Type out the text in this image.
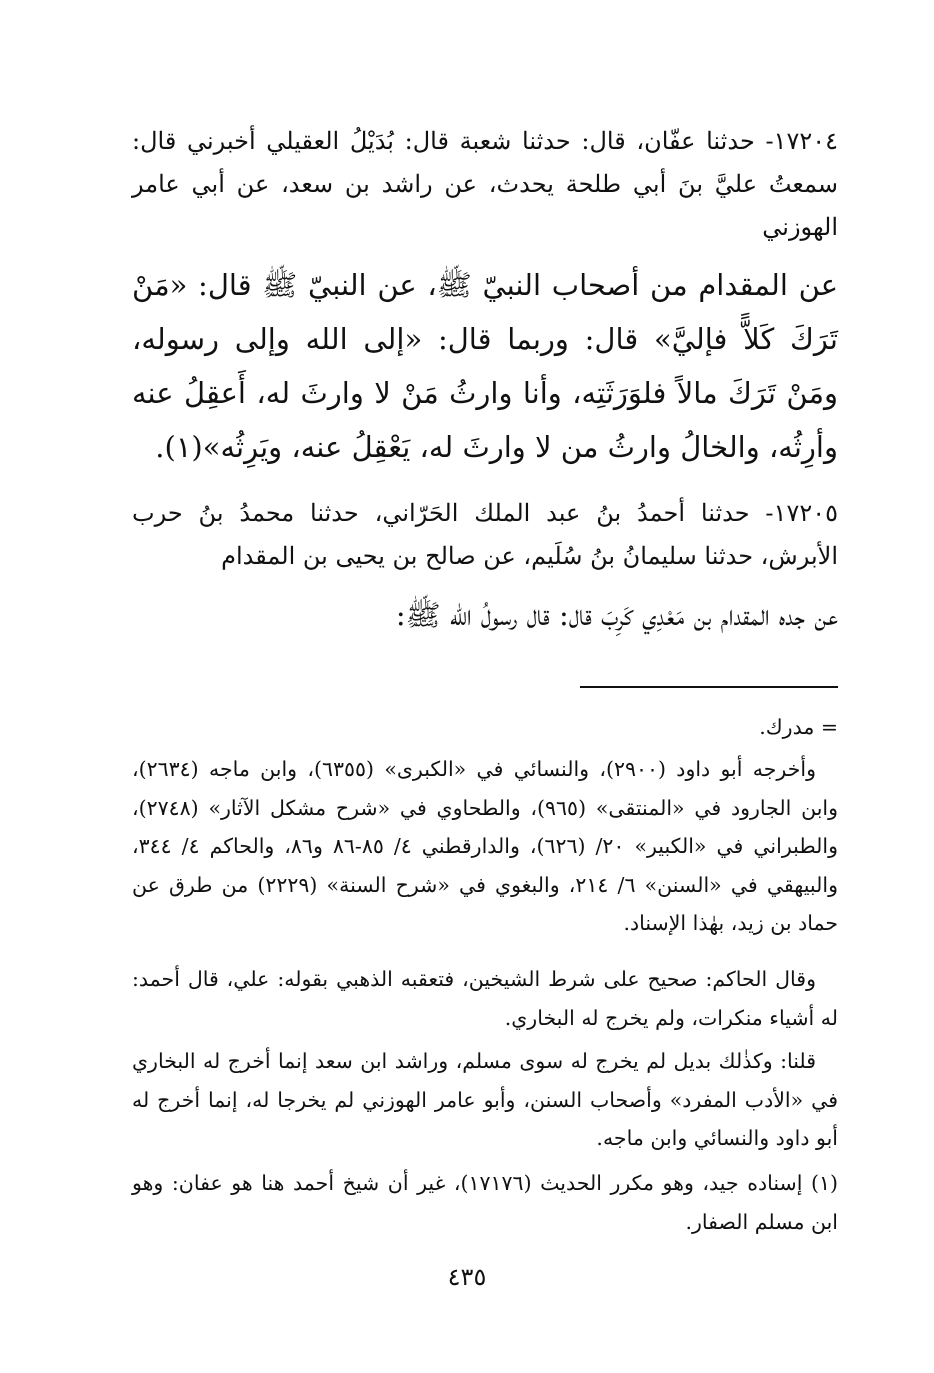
١٧٢٠٤- حدثنا عفّان، قال: حدثنا شعبة قال: بُدَيْلُ العقيلي أخبرني قال: سمعتُ عليَّ بنَ أبي طلحة يحدث، عن راشد بن سعد، عن أبي عامر الهوزني

عن المقدام من أصحاب النبيّ ﷺ، عن النبيّ ﷺ قال: «مَنْ تَرَكَ كَلاًّ فإليَّ» قال: وربما قال: «إلى الله وإلى رسوله، ومَنْ تَرَكَ مالاً فلوَرَثَتِه، وأنا وارثُ مَنْ لا وارثَ له، أَعقِلُ عنه وأرِثُه، والخالُ وارثُ من لا وارثَ له، يَعْقِلُ عنه، ويَرِثُه»(١).

١٧٢٠٥- حدثنا أحمدُ بنُ عبد الملك الحَرّاني، حدثنا محمدُ بنُ حرب الأبرش، حدثنا سليمانُ بنُ سُلَيم، عن صالح بن يحيى بن المقدام

عن جده المقدام بن مَعْدِي كَرِبَ قال: قال رسولُ الله ﷺ:

= مدرك.

وأخرجه أبو داود (٢٩٠٠)، والنسائي في «الكبرى» (٦٣٥٥)، وابن ماجه (٢٦٣٤)، وابن الجارود في «المنتقى» (٩٦٥)، والطحاوي في «شرح مشكل الآثار» (٢٧٤٨)، والطبراني في «الكبير» ٢٠/ (٦٢٦)، والدارقطني ٤/ ٨٥-٨٦ و٨٦، والحاكم ٤/ ٣٤٤، والبيهقي في «السنن» ٦/ ٢١٤، والبغوي في «شرح السنة» (٢٢٢٩) من طرق عن حماد بن زيد، بهٰذا الإسناد.

وقال الحاكم: صحيح على شرط الشيخين، فتعقبه الذهبي بقوله: علي، قال أحمد: له أشياء منكرات، ولم يخرج له البخاري.

قلنا: وكذٰلك بديل لم يخرج له سوى مسلم، وراشد ابن سعد إنما أخرج له البخاري في «الأدب المفرد» وأصحاب السنن، وأبو عامر الهوزني لم يخرجا له، إنما أخرج له أبو داود والنسائي وابن ماجه.

(١) إسناده جيد، وهو مكرر الحديث (١٧١٧٦)، غير أن شيخ أحمد هنا هو عفان: وهو ابن مسلم الصفار.

٤٣٥
